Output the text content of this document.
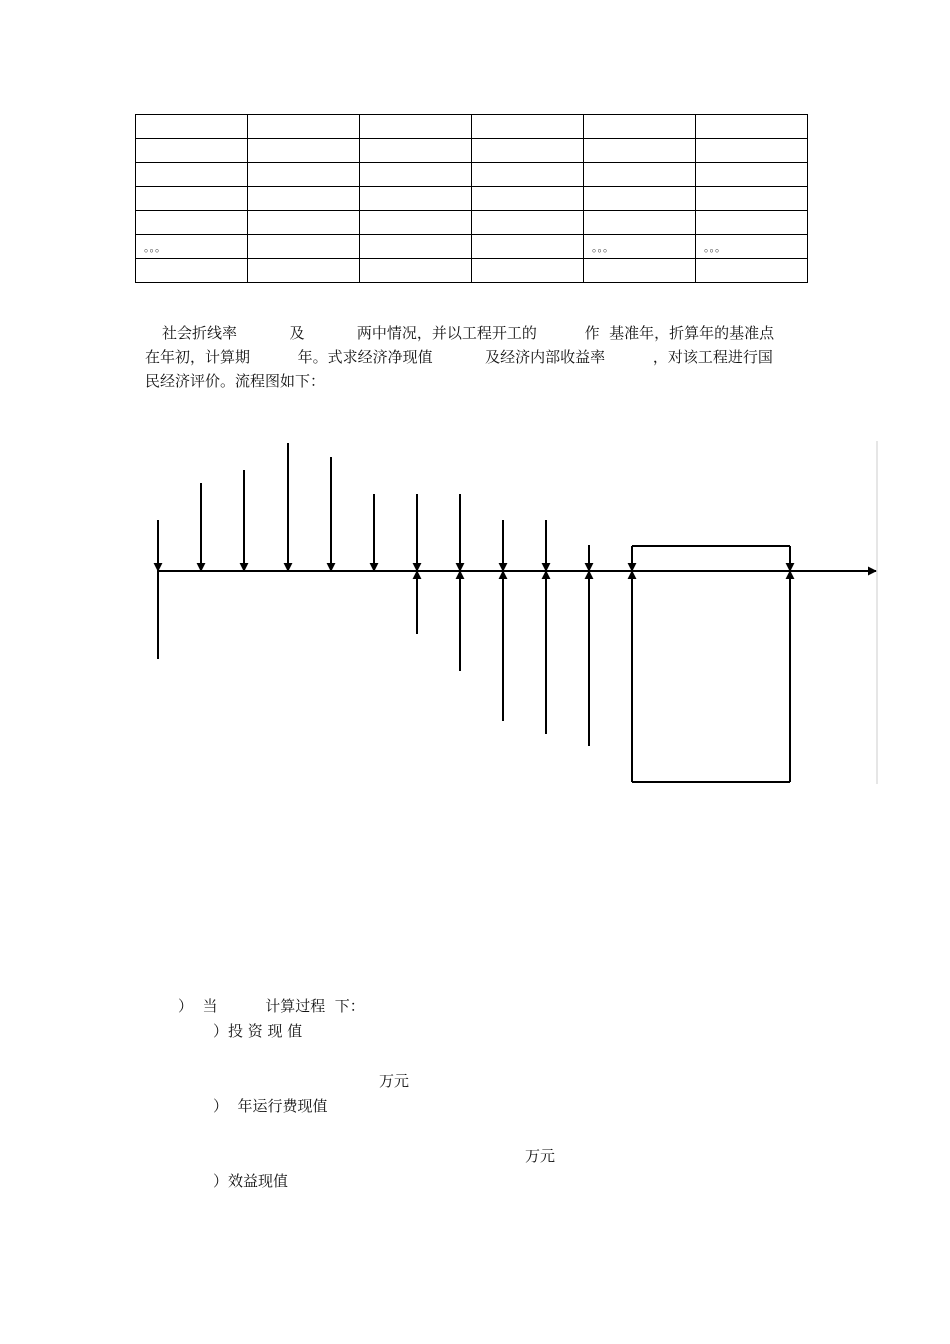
。。。				。。。	。。。

社会折线率           及           两中情况，并以工程开工的          作  基准年，折算年的基准点
在年初，计算期          年。式求经济净现值           及经济内部收益率          ，对该工程进行国
民经济评价。流程图如下：
）  当          计算过程  下：
）投 资 现 值
万元
）  年运行费现值
万元
）效益现值
